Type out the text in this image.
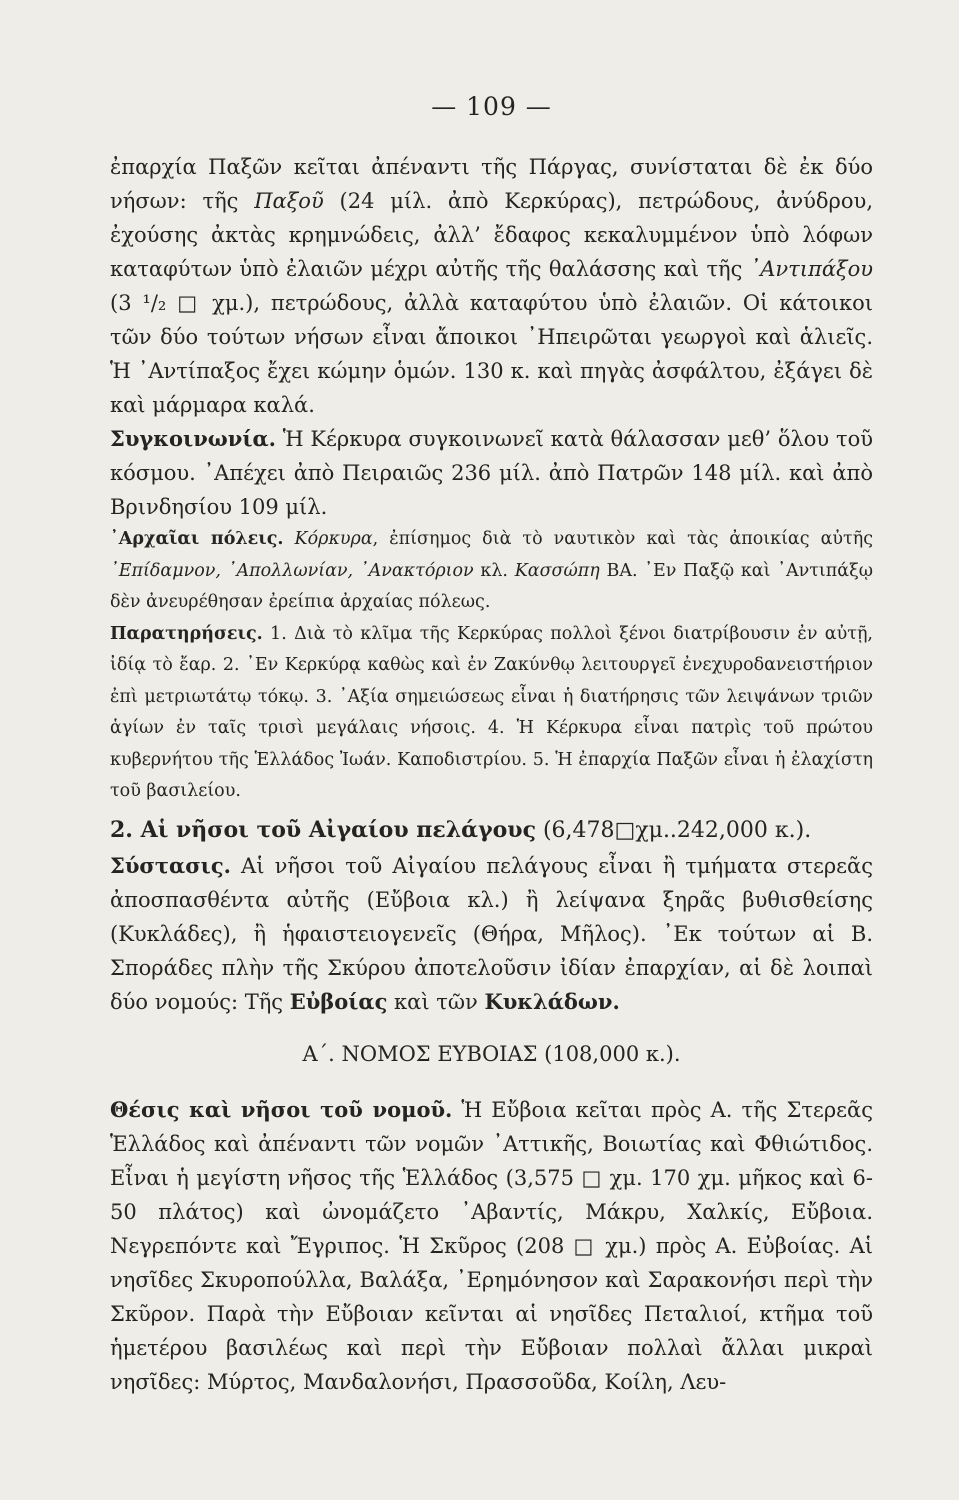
— 109 —

ἐπαρχία Παξῶν κεῖται ἀπέναντι τῆς Πάργας, συνίσταται δὲ ἐκ δύο νήσων: τῆς Παξοῦ (24 μίλ. ἀπὸ Κερκύρας), πετρώδους, ἀνύδρου, ἐχούσης ἀκτὰς κρημνώδεις, ἀλλ’ ἔδαφος κεκαλυμμένον ὑπὸ λόφων καταφύτων ὑπὸ ἐλαιῶν μέχρι αὐτῆς τῆς θαλάσσης καὶ τῆς ᾿Αντιπάξου (3 ¹/₂ □ χμ.), πετρώδους, ἀλλὰ καταφύτου ὑπὸ ἐλαιῶν. Οἱ κάτοικοι τῶν δύο τούτων νήσων εἶναι ἄποικοι ᾿Ηπειρῶται γεωργοὶ καὶ ἁλιεῖς. Ἡ ᾿Αντίπαξος ἔχει κώμην ὁμών. 130 κ. καὶ πηγὰς ἀσφάλτου, ἐξάγει δὲ καὶ μάρμαρα καλά.

Συγκοινωνία. Ἡ Κέρκυρα συγκοινωνεῖ κατὰ θάλασσαν μεθ’ ὅλου τοῦ κόσμου. ᾿Απέχει ἀπὸ Πειραιῶς 236 μίλ. ἀπὸ Πατρῶν 148 μίλ. καὶ ἀπὸ Βρινδησίου 109 μίλ.

᾿Αρχαῖαι πόλεις. Κόρκυρα, ἐπίσημος διὰ τὸ ναυτικὸν καὶ τὰς ἀποικίας αὐτῆς ᾿Επίδαμνον, ᾿Απολλωνίαν, ᾿Ανακτόριον κλ. Κασσώπη ΒΑ. ᾿Εν Παξῷ καὶ ᾿Αντιπάξῳ δὲν ἀνευρέθησαν ἐρείπια ἀρχαίας πόλεως.

Παρατηρήσεις. 1. Διὰ τὸ κλῖμα τῆς Κερκύρας πολλοὶ ξένοι διατρίβουσιν ἐν αὐτῇ, ἰδίᾳ τὸ ἔαρ. 2. ᾿Εν Κερκύρᾳ καθὼς καὶ ἐν Ζακύνθῳ λειτουργεῖ ἐνεχυροδανειστήριον ἐπὶ μετριωτάτῳ τόκῳ. 3. ᾿Αξία σημειώσεως εἶναι ἡ διατήρησις τῶν λειψάνων τριῶν ἁγίων ἐν ταῖς τρισὶ μεγάλαις νήσοις. 4. Ἡ Κέρκυρα εἶναι πατρὶς τοῦ πρώτου κυβερνήτου τῆς Ἑλλάδος Ἰωάν. Καποδιστρίου. 5. Ἡ ἐπαρχία Παξῶν εἶναι ἡ ἐλαχίστη τοῦ βασιλείου.

2. Αἱ νῆσοι τοῦ Αἰγαίου πελάγους (6,478□χμ..242,000 κ.).

Σύστασις. Αἱ νῆσοι τοῦ Αἰγαίου πελάγους εἶναι ἢ τμήματα στερεᾶς ἀποσπασθέντα αὐτῆς (Εὔβοια κλ.) ἢ λείψανα ξηρᾶς βυθισθείσης (Κυκλάδες), ἢ ἡφαιστειογενεῖς (Θήρα, Μῆλος). ᾿Εκ τούτων αἱ Β. Σποράδες πλὴν τῆς Σκύρου ἀποτελοῦσιν ἰδίαν ἐπαρχίαν, αἱ δὲ λοιπαὶ δύο νομούς: Τῆς Εὐβοίας καὶ τῶν Κυκλάδων.

Α΄. ΝΟΜΟΣ ΕΥΒΟΙΑΣ (108,000 κ.).

Θέσις καὶ νῆσοι τοῦ νομοῦ. Ἡ Εὔβοια κεῖται πρὸς Α. τῆς Στερεᾶς Ἑλλάδος καὶ ἀπέναντι τῶν νομῶν ᾿Αττικῆς, Βοιωτίας καὶ Φθιώτιδος. Εἶναι ἡ μεγίστη νῆσος τῆς Ἑλλάδος (3,575 □ χμ. 170 χμ. μῆκος καὶ 6-50 πλάτος) καὶ ὠνομάζετο ᾿Αβαντίς, Μάκρυ, Χαλκίς, Εὔβοια. Νεγρεπόντε καὶ Ἔγριπος. Ἡ Σκῦρος (208 □ χμ.) πρὸς Α. Εὐβοίας. Αἱ νησῖδες Σκυροπούλλα, Βαλάξα, ᾿Ερημόνησον καὶ Σαρακονήσι περὶ τὴν Σκῦρον. Παρὰ τὴν Εὔβοιαν κεῖνται αἱ νησῖδες Πεταλιοί, κτῆμα τοῦ ἡμετέρου βασιλέως καὶ περὶ τὴν Εὔβοιαν πολλαὶ ἄλλαι μικραὶ νησῖδες: Μύρτος, Μανδαλονήσι, Πρασσοῦδα, Κοίλη, Λευ-
